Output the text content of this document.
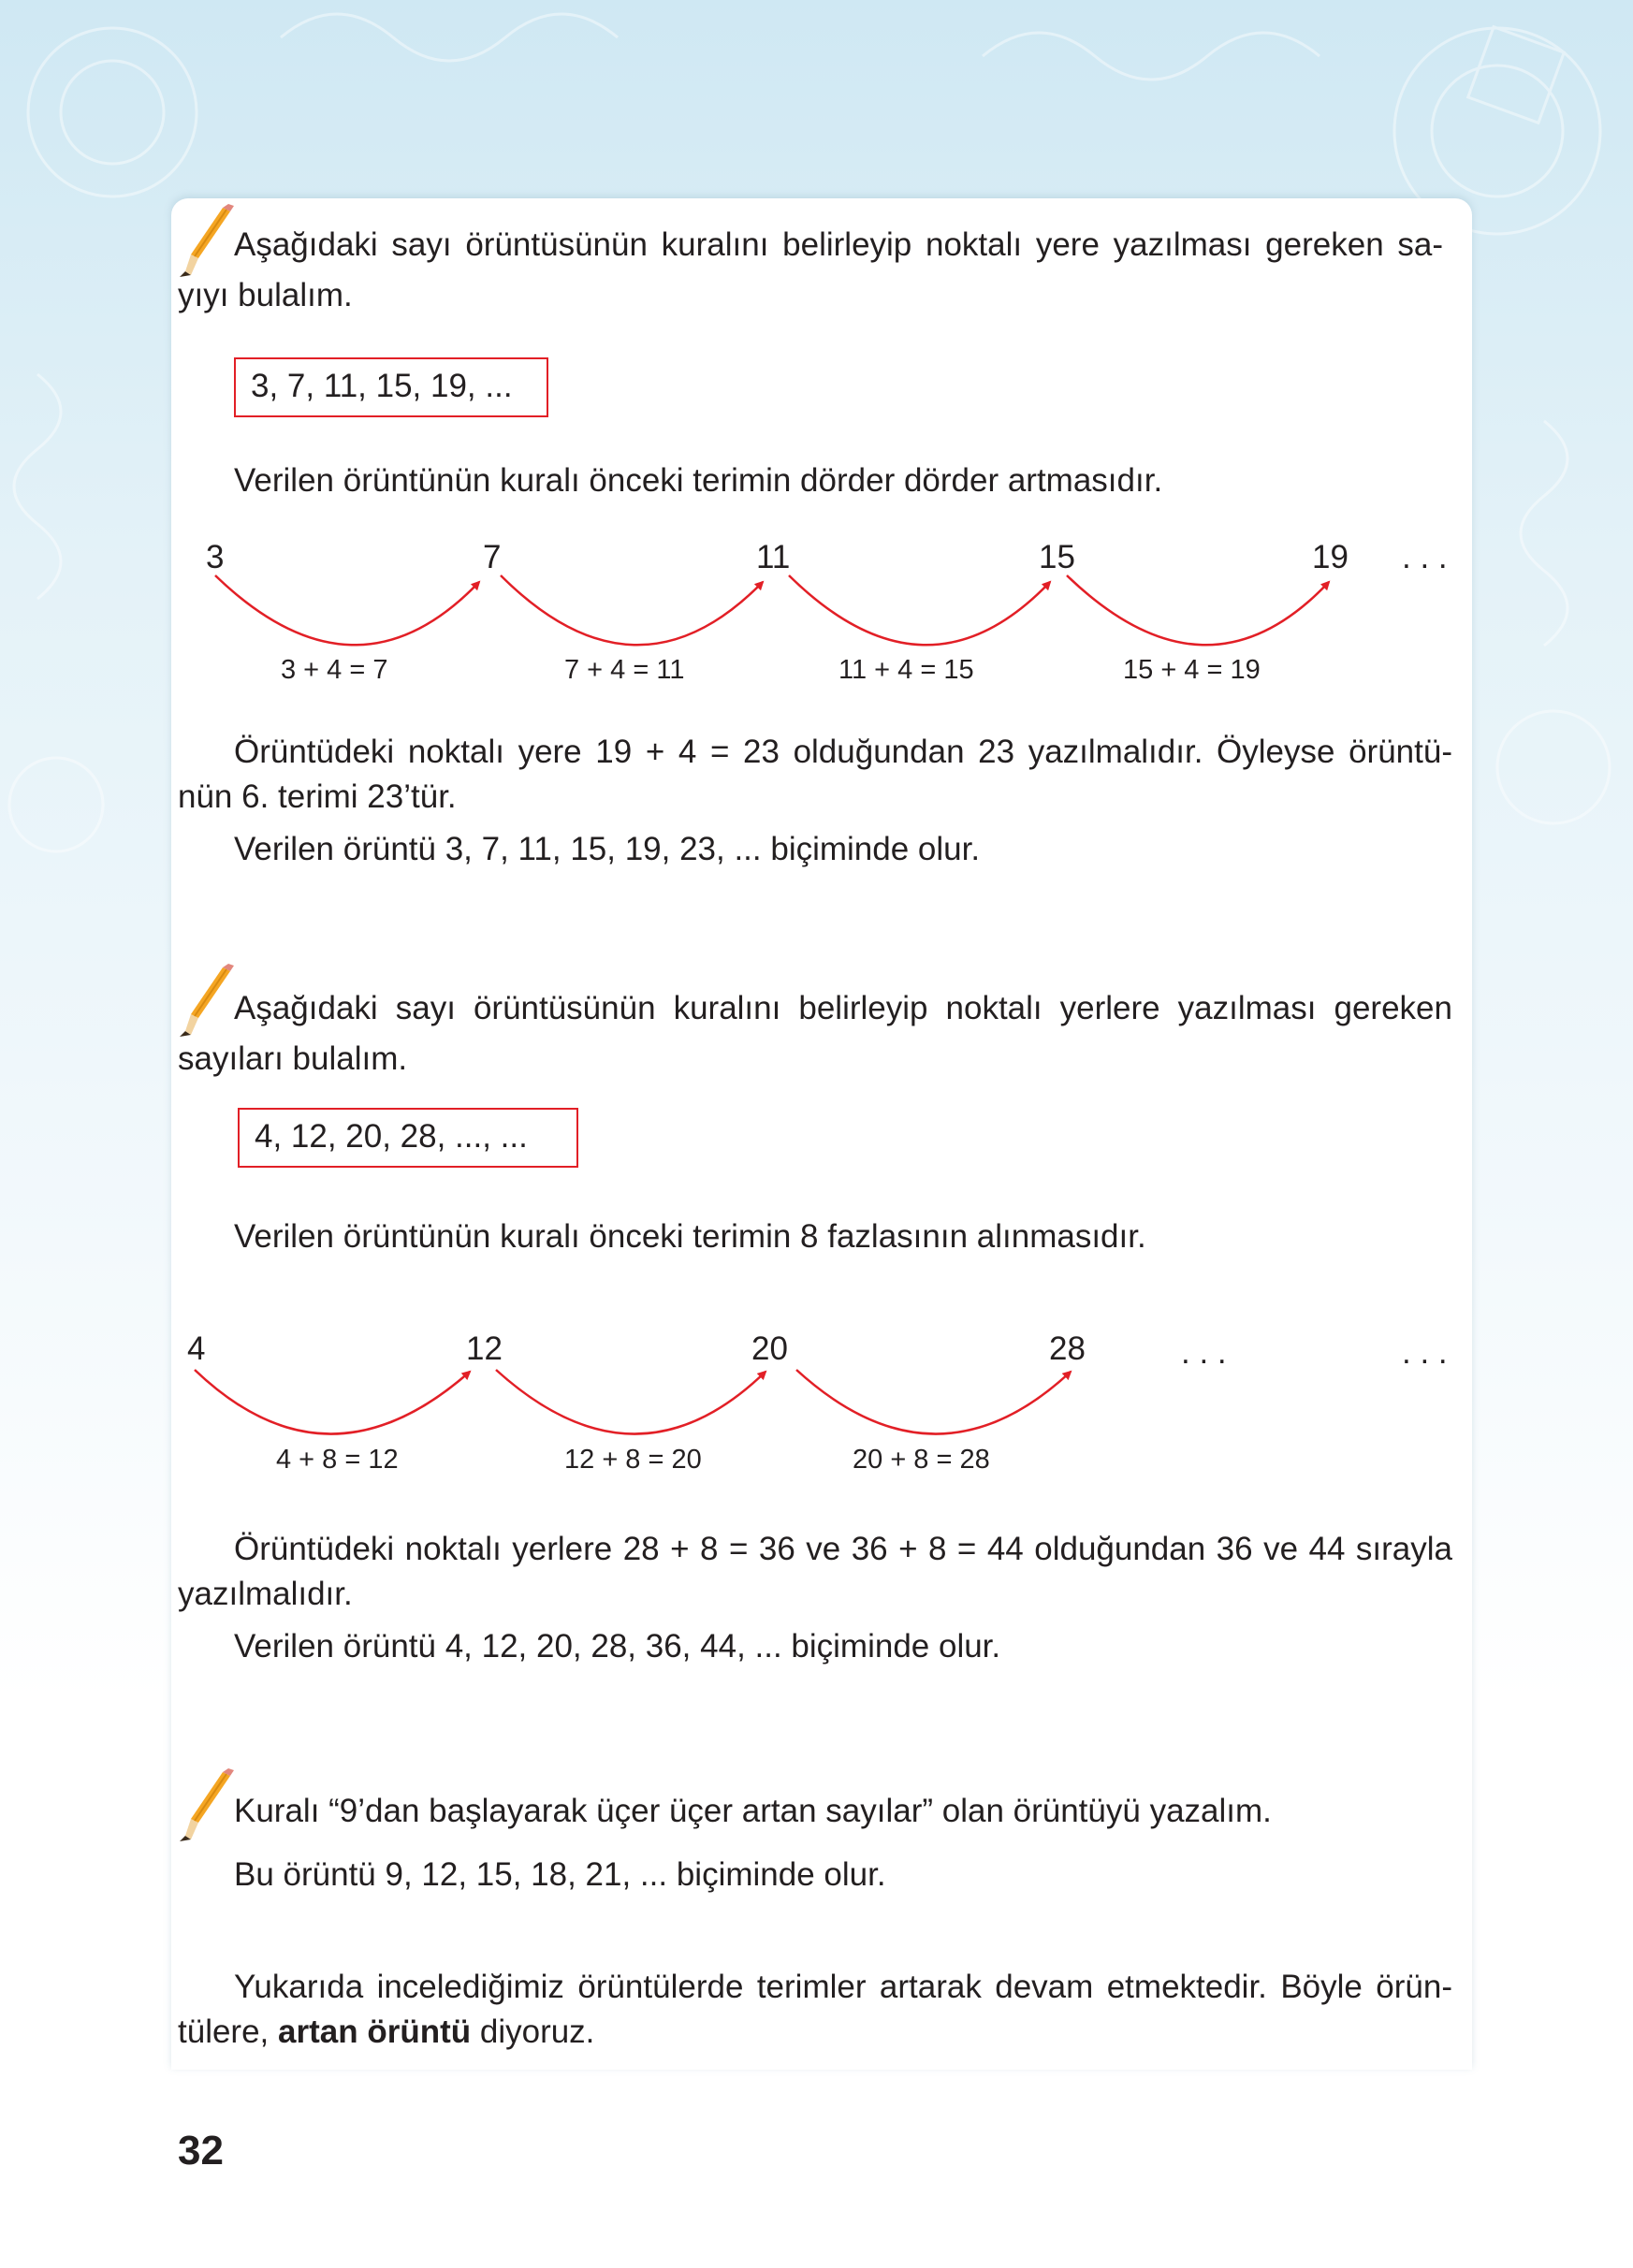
Aşağıdaki sayı örüntüsünün kuralını belirleyip noktalı yere yazılması gereken sa-
yıyı bulalım.
3, 7, 11, 15, 19, ...
Verilen örüntünün kuralı önceki terimin dörder dörder artmasıdır.
3	7	11	15	19 . . .
3 + 4 = 7	7 + 4 = 11	11 + 4 = 15	15 + 4 = 19
Örüntüdeki noktalı yere 19 + 4 = 23 olduğundan 23 yazılmalıdır. Öyleyse örüntü-
nün 6. terimi 23’tür.
Verilen örüntü 3, 7, 11, 15, 19, 23, ... biçiminde olur.
Aşağıdaki sayı örüntüsünün kuralını belirleyip noktalı yerlere yazılması gereken
sayıları bulalım.
4, 12, 20, 28, ..., ...
Verilen örüntünün kuralı önceki terimin 8 fazlasının alınmasıdır.
4	12	20	28	. . .	. . .
4 + 8 = 12	12 + 8 = 20	20 + 8 = 28
Örüntüdeki noktalı yerlere 28 + 8 = 36 ve 36 + 8 = 44 olduğundan 36 ve 44 sırayla
yazılmalıdır.
Verilen örüntü 4, 12, 20, 28, 36, 44, ... biçiminde olur.
Kuralı “9’dan başlayarak üçer üçer artan sayılar” olan örüntüyü yazalım.
Bu örüntü 9, 12, 15, 18, 21, ... biçiminde olur.
Yukarıda incelediğimiz örüntülerde terimler artarak devam etmektedir. Böyle örün-
tülere, artan örüntü diyoruz.
32
